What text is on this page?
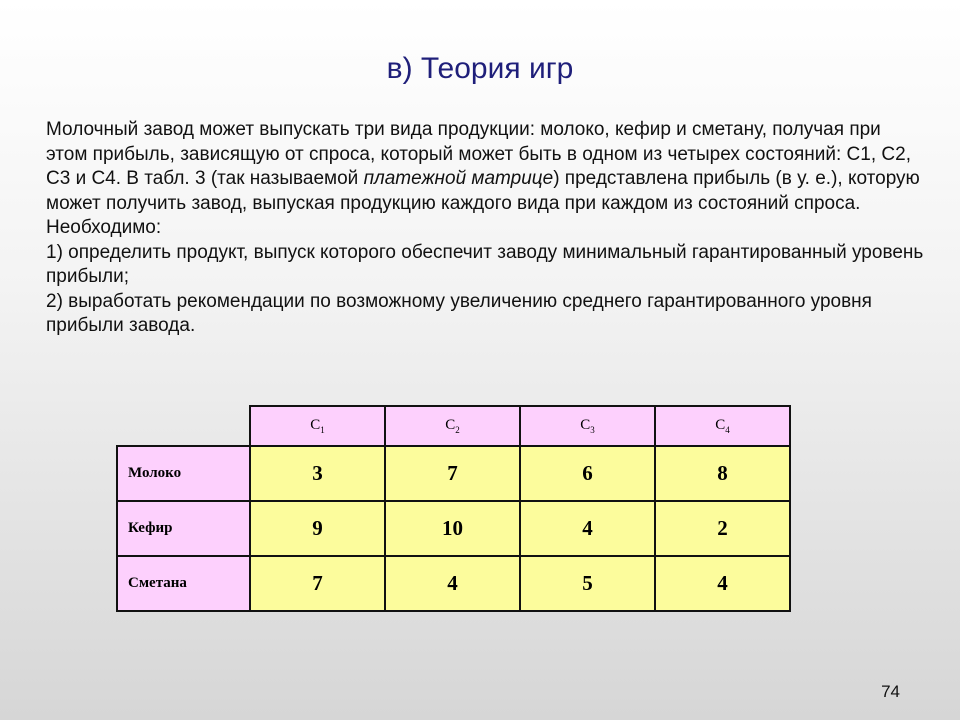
в) Теория игр

Молочный завод может выпускать три вида продукции: молоко, кефир и сметану, получая при этом прибыль, зависящую от спроса, который может быть в одном из четырех состояний: С1, С2, С3 и С4. В табл. 3 (так называемой платежной матрице) представлена прибыль (в у. е.), которую может получить завод, выпуская продукцию каждого вида при каждом из состояний спроса.

Необходимо:

1) определить продукт, выпуск которого обеспечит заводу минимальный гарантированный уровень прибыли;

2) выработать рекомендации по возможному увеличению среднего гарантированного уровня прибыли завода.

	$C_1$	$C_2$	$C_3$	$C_4$
Молоко	3	7	6	8
Кефир	9	10	4	2
Сметана	7	4	5	4
74
